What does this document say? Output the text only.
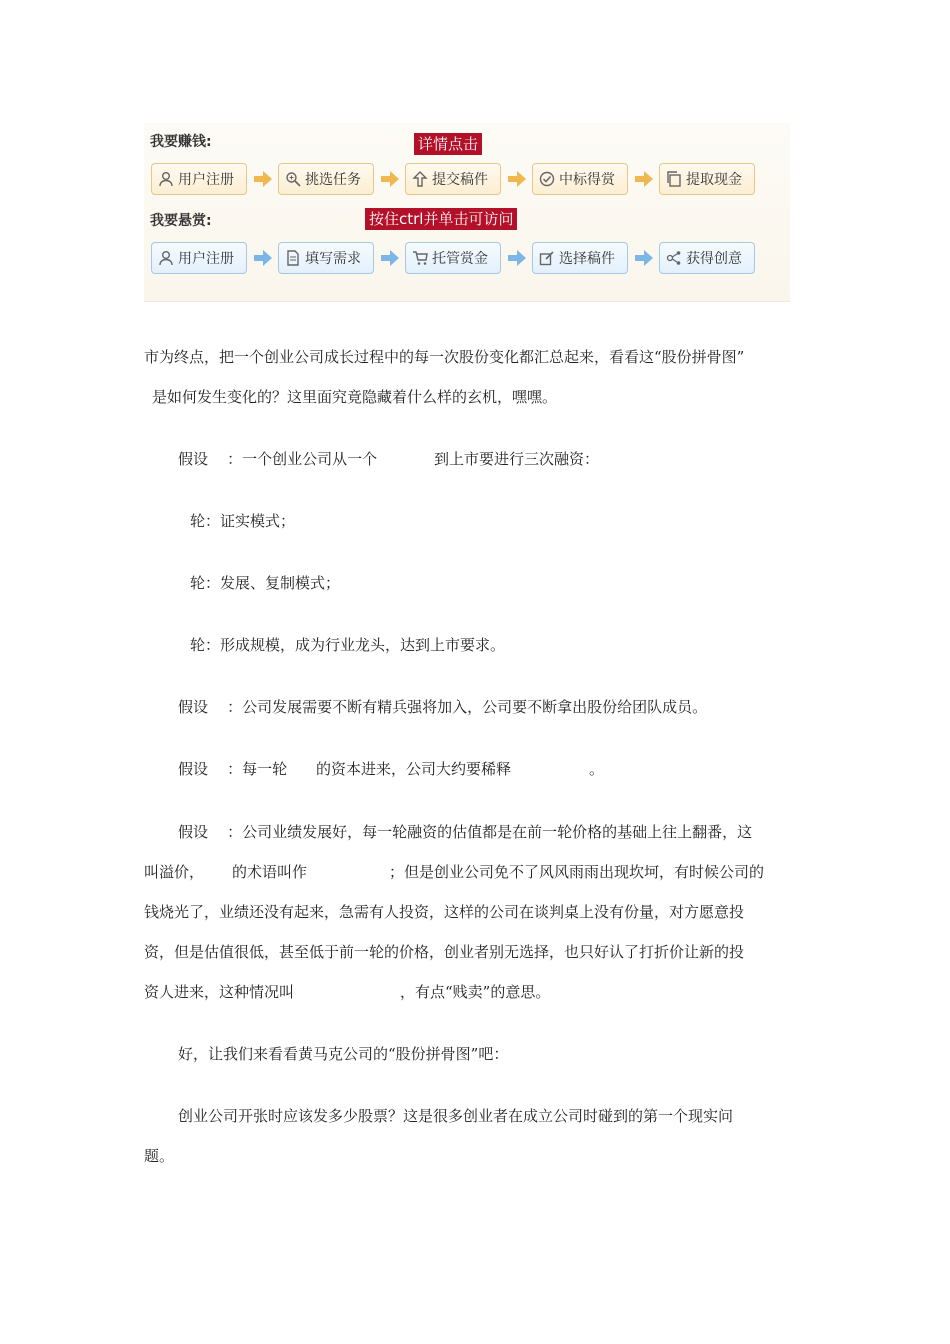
我要赚钱:	详情点击
用户注册	挑选任务	提交稿件	中标得赏	提取现金
我要悬赏:	按住ctrl并单击可访问
用户注册	填写需求	托管赏金	选择稿件	获得创意
市为终点，把一个创业公司成长过程中的每一次股份变化都汇总起来，看看这“股份拼骨图”
是如何发生变化的？这里面究竟隐藏着什么样的玄机，嘿嘿。
假设    ：一个创业公司从一个	到上市要进行三次融资：
轮：证实模式；
轮：发展、复制模式；
轮：形成规模，成为行业龙头，达到上市要求。
假设    ：公司发展需要不断有精兵强将加入，公司要不断拿出股份给团队成员。
假设    ：每一轮 的资本进来，公司大约要稀释	。
假设    ：公司业绩发展好，每一轮融资的估值都是在前一轮价格的基础上往上翻番，这
叫溢价， 的术语叫作	；但是创业公司免不了风风雨雨出现坎坷，有时候公司的
钱烧光了，业绩还没有起来，急需有人投资，这样的公司在谈判桌上没有份量，对方愿意投
资，但是估值很低，甚至低于前一轮的价格，创业者别无选择，也只好认了打折价让新的投
资人进来，这种情况叫	，有点“贱卖”的意思。
好，让我们来看看黄马克公司的“股份拼骨图”吧：
创业公司开张时应该发多少股票？这是很多创业者在成立公司时碰到的第一个现实问
题。
